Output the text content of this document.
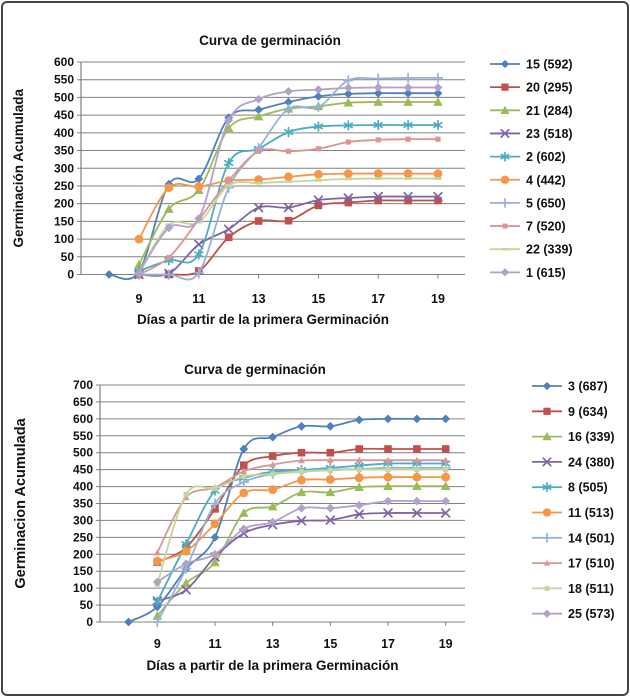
0
50
100
150
200
250
300
350
400
450
500
550
600
9	11	13	15	17	19
Curva de germinación
Días a partir de la primera Germinación
Germinación Acumulada
15 (592)
20 (295)
21 (284)
23 (518)
2 (602)
4 (442)
5 (650)
7 (520)
22 (339)
1 (615)
0
50
100
150
200
250
300
350
400
450
500
550
600
650
700
9	11	13	15	17	19
Curva de germinación
Días a partir de la primera Germinación
Germinacion Acumulada
3 (687)
9 (634)
16 (339)
24 (380)
8 (505)
11 (513)
14 (501)
17 (510)
18 (511)
25 (573)
